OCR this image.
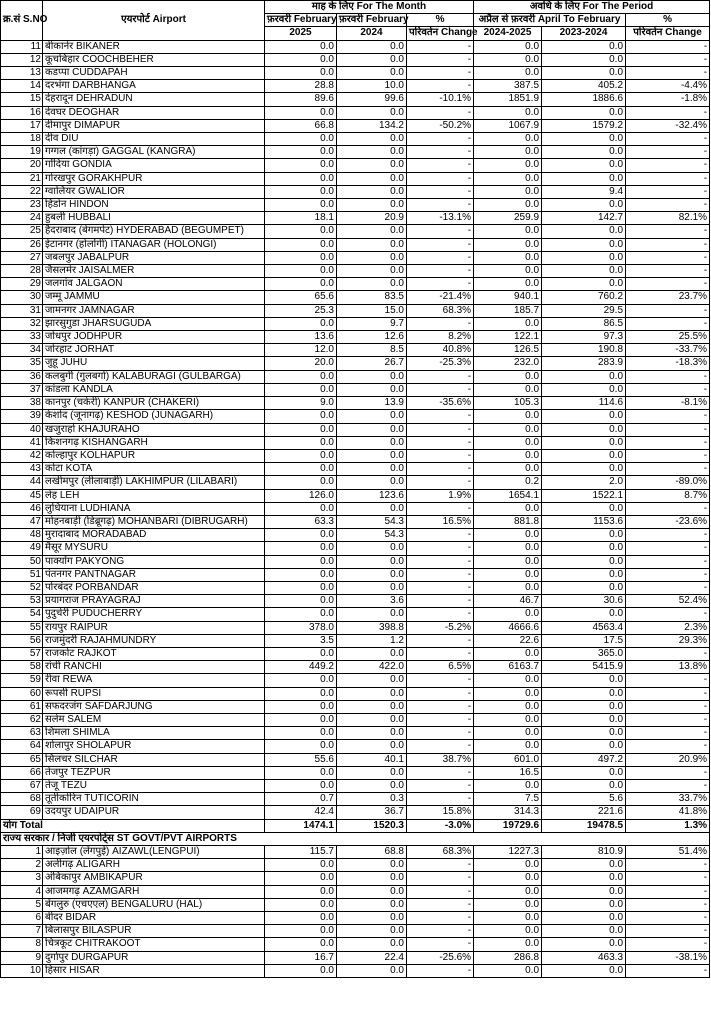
क्र.सं S.NO	एयरपोर्ट Airport	माह के लिए For The Month			अवधि के लिए For The Period		
		फ़रवरी February	फ़रवरी February	%	अप्रैल से फ़रवरी April To February		%
		2025	2024	परिवर्तन Change	2024-2025	2023-2024	परिवर्तन Change
11	बीकानेर BIKANER	0.0	0.0	-	0.0	0.0	-
12	कूचबिहार COOCHBEHER	0.0	0.0	-	0.0	0.0	-
13	कडप्पा CUDDAPAH	0.0	0.0	-	0.0	0.0	-
14	दरभंगा DARBHANGA	28.8	10.0	-	387.5	405.2	-4.4%
15	देहरादून DEHRADUN	89.6	99.6	-10.1%	1851.9	1886.6	-1.8%
16	देवघर DEOGHAR	0.0	0.0	-	0.0	0.0	-
17	दीमापुर DIMAPUR	66.8	134.2	-50.2%	1067.9	1579.2	-32.4%
18	दीव DIU	0.0	0.0	-	0.0	0.0	-
19	गग्गल (कांगड़ा) GAGGAL (KANGRA)	0.0	0.0	-	0.0	0.0	-
20	गोंदिया GONDIA	0.0	0.0	-	0.0	0.0	-
21	गोरखपुर GORAKHPUR	0.0	0.0	-	0.0	0.0	-
22	ग्वालियर GWALIOR	0.0	0.0	-	0.0	9.4	-
23	हिंडोन HINDON	0.0	0.0	-	0.0	0.0	-
24	हुबली HUBBALI	18.1	20.9	-13.1%	259.9	142.7	82.1%
25	हैदराबाद (बेगमपेट) HYDERABAD (BEGUMPET)	0.0	0.0	-	0.0	0.0	-
26	ईटानगर (होलोंगी) ITANAGAR (HOLONGI)	0.0	0.0	-	0.0	0.0	-
27	जबलपुर JABALPUR	0.0	0.0	-	0.0	0.0	-
28	जैसलमेर JAISALMER	0.0	0.0	-	0.0	0.0	-
29	जलगांव JALGAON	0.0	0.0	-	0.0	0.0	-
30	जम्मू JAMMU	65.6	83.5	-21.4%	940.1	760.2	23.7%
31	जामनगर JAMNAGAR	25.3	15.0	68.3%	185.7	29.5	-
32	झारसुगुडा JHARSUGUDA	0.0	9.7	-	0.0	86.5	-
33	जोधपुर JODHPUR	13.6	12.6	8.2%	122.1	97.3	25.5%
34	जोरहाट JORHAT	12.0	8.5	40.8%	126.5	190.8	-33.7%
35	जुहू JUHU	20.0	26.7	-25.3%	232.0	283.9	-18.3%
36	कलबुर्गी (गुलबर्गा) KALABURAGI (GULBARGA)	0.0	0.0	-	0.0	0.0	-
37	कांडला KANDLA	0.0	0.0	-	0.0	0.0	-
38	कानपुर (चकेरी) KANPUR (CHAKERI)	9.0	13.9	-35.6%	105.3	114.6	-8.1%
39	केशोद (जूनागढ़) KESHOD (JUNAGARH)	0.0	0.0	-	0.0	0.0	-
40	खजुराहो KHAJURAHO	0.0	0.0	-	0.0	0.0	-
41	किशनगढ़ KISHANGARH	0.0	0.0	-	0.0	0.0	-
42	कोल्हापुर KOLHAPUR	0.0	0.0	-	0.0	0.0	-
43	कोटा KOTA	0.0	0.0	-	0.0	0.0	-
44	लखीमपुर (लीलाबाड़ी) LAKHIMPUR (LILABARI)	0.0	0.0	-	0.2	2.0	-89.0%
45	लेह LEH	126.0	123.6	1.9%	1654.1	1522.1	8.7%
46	लुधियाना LUDHIANA	0.0	0.0	-	0.0	0.0	-
47	मोहनबाड़ी (डिब्रूगढ़) MOHANBARI (DIBRUGARH)	63.3	54.3	16.5%	881.8	1153.6	-23.6%
48	मुरादाबाद MORADABAD	0.0	54.3	-	0.0	0.0	-
49	मैसूर MYSURU	0.0	0.0	-	0.0	0.0	-
50	पाक्योंग PAKYONG	0.0	0.0	-	0.0	0.0	-
51	पंतनगर PANTNAGAR	0.0	0.0	-	0.0	0.0	-
52	पोरबंदर PORBANDAR	0.0	0.0	-	0.0	0.0	-
53	प्रयागराज PRAYAGRAJ	0.0	3.6	-	46.7	30.6	52.4%
54	पुदुचेरी PUDUCHERRY	0.0	0.0	-	0.0	0.0	-
55	रायपुर RAIPUR	378.0	398.8	-5.2%	4666.6	4563.4	2.3%
56	राजमुंदरी RAJAHMUNDRY	3.5	1.2	-	22.6	17.5	29.3%
57	राजकोट RAJKOT	0.0	0.0	-	0.0	365.0	-
58	रांची RANCHI	449.2	422.0	6.5%	6163.7	5415.9	13.8%
59	रीवा REWA	0.0	0.0	-	0.0	0.0	-
60	रूपसी RUPSI	0.0	0.0	-	0.0	0.0	-
61	सफदरजंग SAFDARJUNG	0.0	0.0	-	0.0	0.0	-
62	सलेम SALEM	0.0	0.0	-	0.0	0.0	-
63	शिमला SHIMLA	0.0	0.0	-	0.0	0.0	-
64	शोलापुर SHOLAPUR	0.0	0.0	-	0.0	0.0	-
65	सिलचर SILCHAR	55.6	40.1	38.7%	601.0	497.2	20.9%
66	तेजपुर TEZPUR	0.0	0.0	-	16.5	0.0	-
67	तेजू TEZU	0.0	0.0	-	0.0	0.0	-
68	तूतीकोरिन TUTICORIN	0.7	0.3	-	7.5	5.6	33.7%
69	उदयपुर UDAIPUR	42.4	36.7	15.8%	314.3	221.6	41.8%
योग Total		1474.1	1520.3	-3.0%	19729.6	19478.5	1.3%
राज्य सरकार / निजी एयरपोर्ट्स ST GOVT/PVT AIRPORTS							
1	आइज़ोल (लेंगपुई) AIZAWL(LENGPUI)	115.7	68.8	68.3%	1227.3	810.9	51.4%
2	अलीगढ़ ALIGARH	0.0	0.0	-	0.0	0.0	-
3	अंबिकापुर AMBIKAPUR	0.0	0.0	-	0.0	0.0	-
4	आजमगढ़ AZAMGARH	0.0	0.0	-	0.0	0.0	-
5	बेंगलुरु (एचएएल) BENGALURU (HAL)	0.0	0.0	-	0.0	0.0	-
6	बीदर BIDAR	0.0	0.0	-	0.0	0.0	-
7	बिलासपुर BILASPUR	0.0	0.0	-	0.0	0.0	-
8	चित्रकूट CHITRAKOOT	0.0	0.0	-	0.0	0.0	-
9	दुर्गापुर DURGAPUR	16.7	22.4	-25.6%	286.8	463.3	-38.1%
10	हिसार HISAR	0.0	0.0	-	0.0	0.0	-
